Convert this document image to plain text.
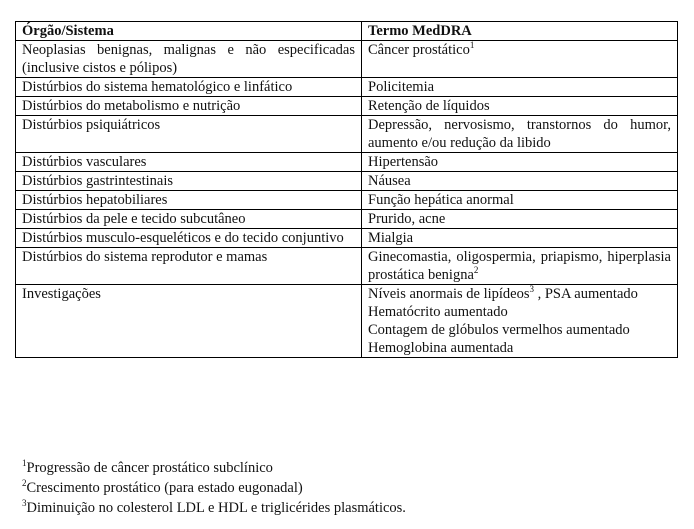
Órgão/Sistema	Termo MedDRA
Neoplasias benignas, malignas e não especificadas (inclusive cistos e pólipos)	Câncer prostático$^1$

Distúrbios do sistema hematológico e linfático	Policitemia

Distúrbios do metabolismo e nutrição	Retenção de líquidos

Distúrbios psiquiátricos	Depressão, nervosismo, transtornos do humor, aumento e/ou redução da libido

Distúrbios vasculares	Hipertensão

Distúrbios gastrintestinais	Náusea

Distúrbios hepatobiliares	Função hepática anormal

Distúrbios da pele e tecido subcutâneo	Prurido, acne

Distúrbios musculo-esqueléticos e do tecido conjuntivo	Mialgia

Distúrbios do sistema reprodutor e mamas	Ginecomastia, oligospermia, priapismo, hiperplasia prostática benigna$^2$

Investigações	Níveis anormais de lipídeos$^3$ , PSA aumentado
Hematócrito aumentado
Contagem de glóbulos vermelhos aumentado
Hemoglobina aumentada
$^1$Progressão de câncer prostático subclínico
$^2$Crescimento prostático (para estado eugonadal)
$^3$Diminuição no colesterol LDL e HDL e triglicérides plasmáticos.
